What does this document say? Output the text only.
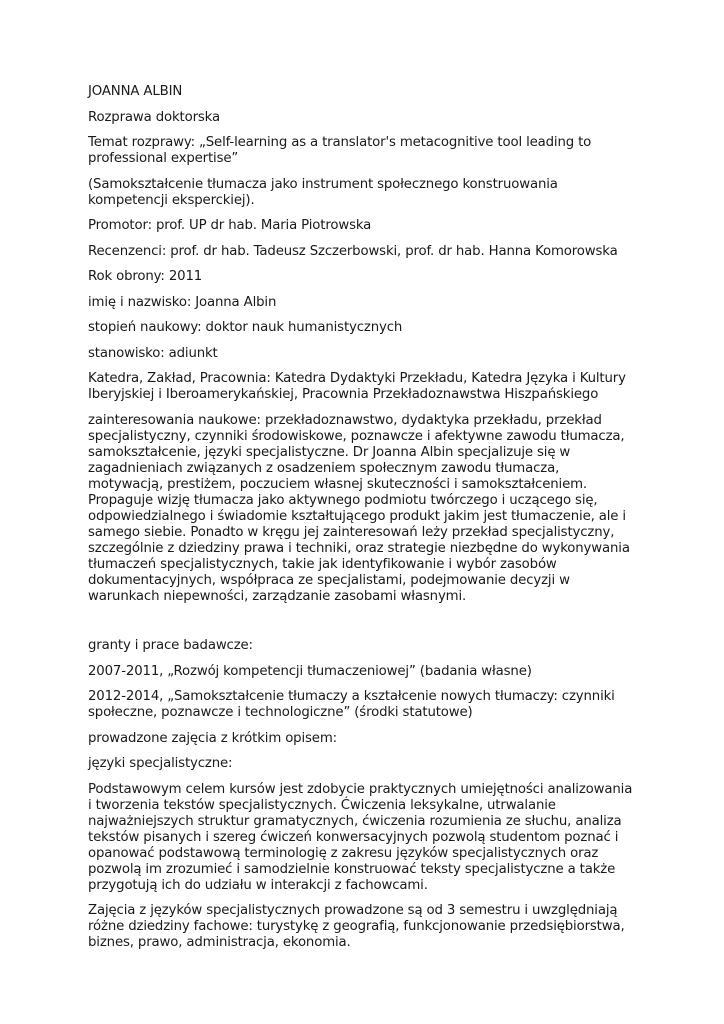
JOANNA ALBIN

Rozprawa doktorska

Temat rozprawy: „Self-learning as a translator's metacognitive tool leading to professional expertise”

(Samokształcenie tłumacza jako instrument społecznego konstruowania kompetencji eksperckiej).

Promotor: prof. UP dr hab. Maria Piotrowska

Recenzenci: prof. dr hab. Tadeusz Szczerbowski, prof. dr hab. Hanna Komorowska

Rok obrony: 2011

imię i nazwisko: Joanna Albin

stopień naukowy: doktor nauk humanistycznych

stanowisko: adiunkt

Katedra, Zakład, Pracownia: Katedra Dydaktyki Przekładu, Katedra Języka i Kultury Iberyjskiej i Iberoamerykańskiej, Pracownia Przekładoznawstwa Hiszpańskiego

zainteresowania naukowe: przekładoznawstwo, dydaktyka przekładu, przekład specjalistyczny, czynniki środowiskowe, poznawcze i afektywne zawodu tłumacza, samokształcenie, języki specjalistyczne. Dr Joanna Albin specjalizuje się w zagadnieniach związanych z osadzeniem społecznym zawodu tłumacza, motywacją, prestiżem, poczuciem własnej skuteczności i samokształceniem. Propaguje wizję tłumacza jako aktywnego podmiotu twórczego i uczącego się, odpowiedzialnego i świadomie kształtującego produkt jakim jest tłumaczenie, ale i samego siebie. Ponadto w kręgu jej zainteresowań leży przekład specjalistyczny, szczególnie z dziedziny prawa i techniki, oraz strategie niezbędne do wykonywania tłumaczeń specjalistycznych, takie jak identyfikowanie i wybór zasobów dokumentacyjnych, współpraca ze specjalistami, podejmowanie decyzji w warunkach niepewności, zarządzanie zasobami własnymi.

granty i prace badawcze:

2007-2011, „Rozwój kompetencji tłumaczeniowej” (badania własne)

2012-2014, „Samokształcenie tłumaczy a kształcenie nowych tłumaczy: czynniki społeczne, poznawcze i technologiczne” (środki statutowe)

prowadzone zajęcia z krótkim opisem:

języki specjalistyczne:

Podstawowym celem kursów jest zdobycie praktycznych umiejętności analizowania i tworzenia tekstów specjalistycznych. Ćwiczenia leksykalne, utrwalanie najważniejszych struktur gramatycznych, ćwiczenia rozumienia ze słuchu, analiza tekstów pisanych i szereg ćwiczeń konwersacyjnych pozwolą studentom poznać i opanować podstawową terminologię z zakresu języków specjalistycznych oraz pozwolą im zrozumieć i samodzielnie konstruować teksty specjalistyczne a także przygotują ich do udziału w interakcji z fachowcami.

Zajęcia z języków specjalistycznych prowadzone są od 3 semestru i uwzględniają różne dziedziny fachowe: turystykę z geografią, funkcjonowanie przedsiębiorstwa, biznes, prawo, administracja, ekonomia.
